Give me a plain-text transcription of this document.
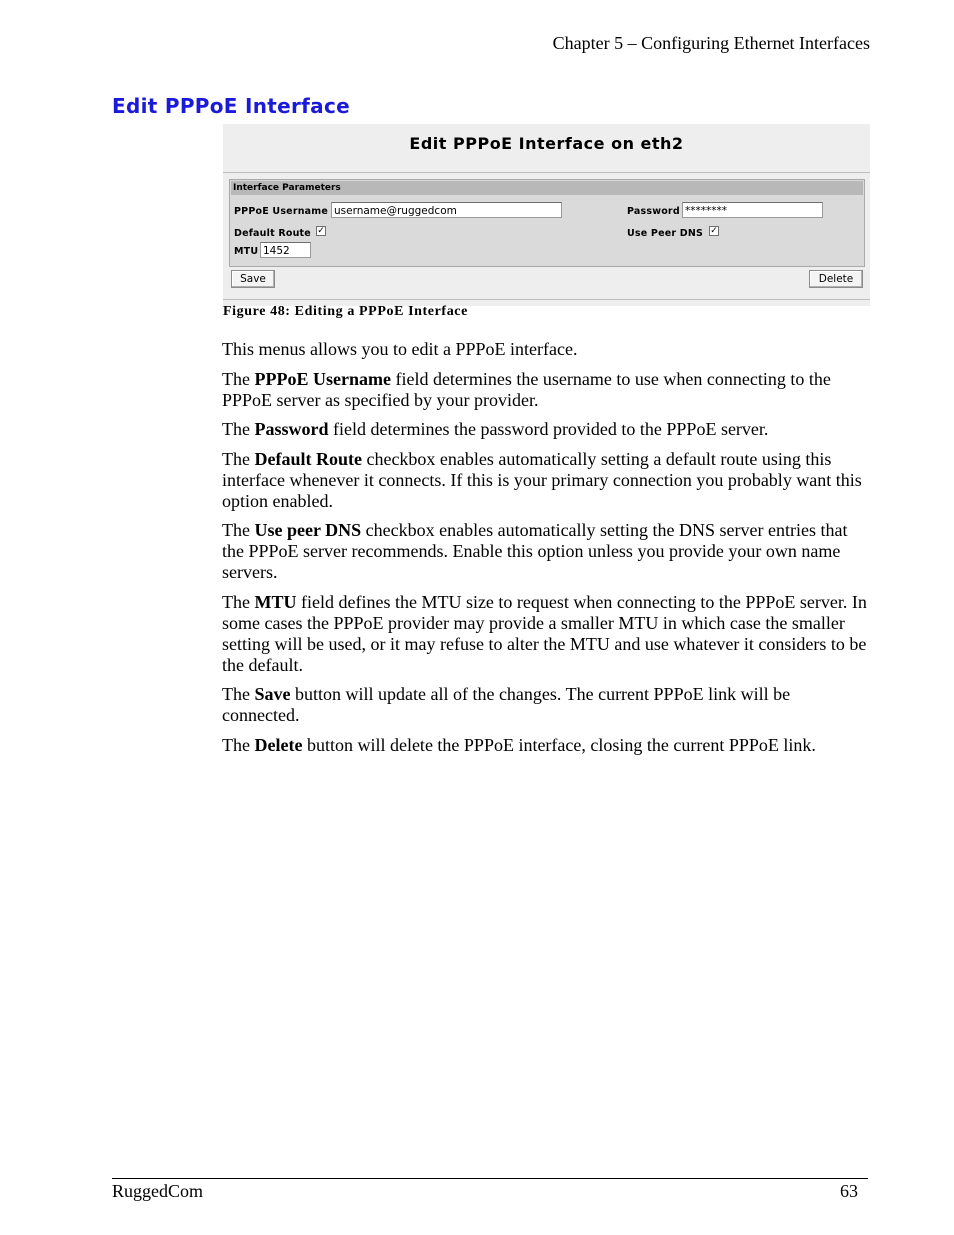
Chapter 5 – Configuring Ethernet Interfaces
Edit PPPoE Interface
Edit PPPoE Interface on eth2
Interface Parameters
PPPoE Username username@ruggedcom	Password ********
Default Route ✓	Use Peer DNS ✓
MTU 1452
Save	Delete
Figure 48: Editing a PPPoE Interface

This menus allows you to edit a PPPoE interface.

The PPPoE Username field determines the username to use when connecting to the PPPoE server as specified by your provider.

The Password field determines the password provided to the PPPoE server.

The Default Route checkbox enables automatically setting a default route using this interface whenever it connects. If this is your primary connection you probably want this option enabled.

The Use peer DNS checkbox enables automatically setting the DNS server entries that the PPPoE server recommends. Enable this option unless you provide your own name servers.

The MTU field defines the MTU size to request when connecting to the PPPoE server. In some cases the PPPoE provider may provide a smaller MTU in which case the smaller setting will be used, or it may refuse to alter the MTU and use whatever it considers to be the default.

The Save button will update all of the changes. The current PPPoE link will be connected.

The Delete button will delete the PPPoE interface, closing the current PPPoE link.

RuggedCom	63
